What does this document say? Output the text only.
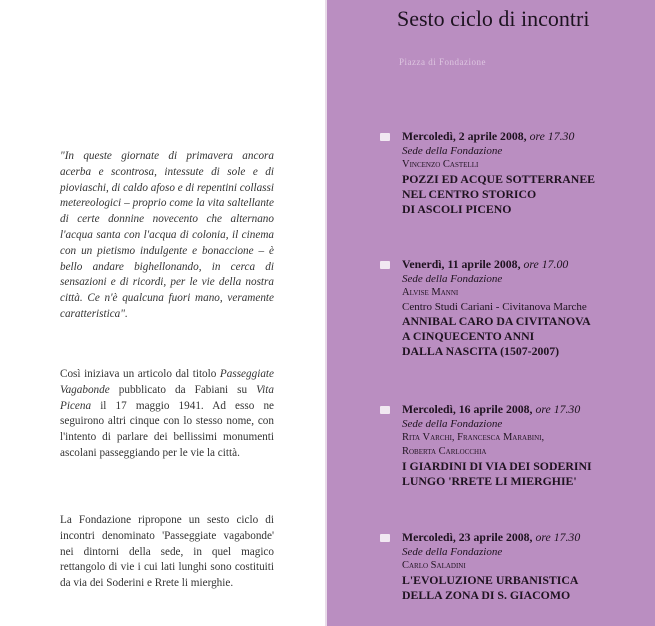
"In queste giornate di primavera ancora acerba e scontrosa, intessute di sole e di pioviaschi, di caldo afoso e di repentini collassi metereologici – proprio come la vita saltellante di certe donnine novecento che alternano l'acqua santa con l'acqua di colonia, il cinema con un pietismo indulgente e bonaccione – è bello andare bighellonando, in cerca di sensazioni e di ricordi, per le vie della nostra città. Ce n'è qualcuna fuori mano, veramente caratteristica".
Così iniziava un articolo dal titolo Passeggiate Vagabonde pubblicato da Fabiani su Vita Picena il 17 maggio 1941. Ad esso ne seguirono altri cinque con lo stesso nome, con l'intento di parlare dei bellissimi monumenti ascolani passeggiando per le vie la città.
La Fondazione ripropone un sesto ciclo di incontri denominato 'Passeggiate vagabonde' nei dintorni della sede, in quel magico rettangolo di vie i cui lati lunghi sono costituiti da via dei Soderini e Rrete li mierghie.
Sesto ciclo di incontri
Piazza di Fondazione
Mercoledì, 2 aprile 2008, ore 17.30
Sede della Fondazione
Vincenzo Castelli
POZZI ED ACQUE SOTTERRANEE
NEL CENTRO STORICO
DI ASCOLI PICENO
Venerdì, 11 aprile 2008, ore 17.00
Sede della Fondazione
Alvise Manni
Centro Studi Cariani - Civitanova Marche
ANNIBAL CARO DA CIVITANOVA
A CINQUECENTO ANNI
DALLA NASCITA (1507-2007)
Mercoledì, 16 aprile 2008, ore 17.30
Sede della Fondazione
Rita Varchi, Francesca Marabini,
Roberta Carlocchia
I GIARDINI DI VIA DEI SODERINI
LUNGO 'RRETE LI MIERGHIE'
Mercoledì, 23 aprile 2008, ore 17.30
Sede della Fondazione
Carlo Saladini
L'EVOLUZIONE URBANISTICA
DELLA ZONA DI S. GIACOMO
